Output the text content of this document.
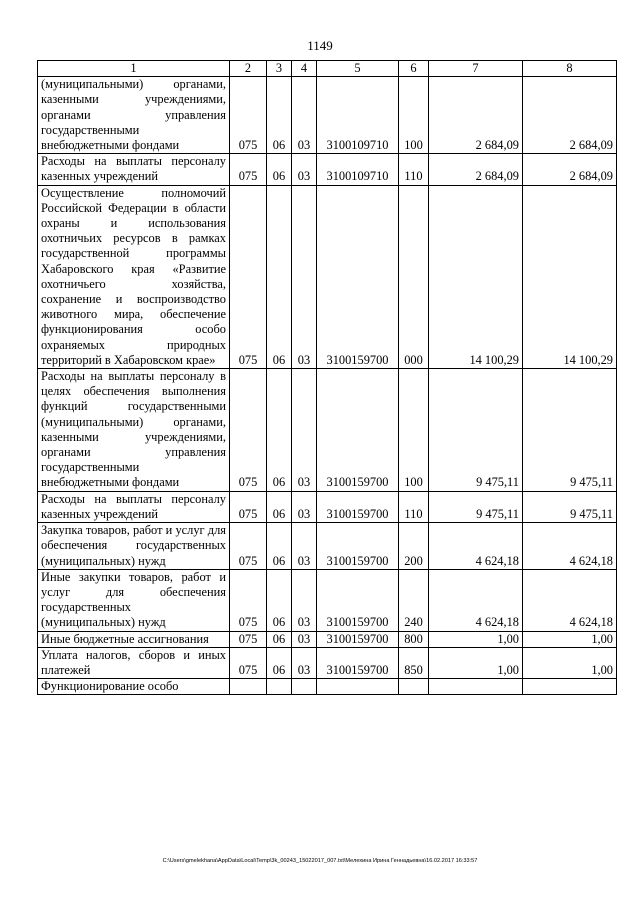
1149
1	2	3	4	5	6	7	8
(муниципальными) органами, казенными учреждениями, органами управления государственными внебюджетными фондами	075	06	03	3100109710	100	2 684,09	2 684,09
Расходы на выплаты персоналу казенных учреждений	075	06	03	3100109710	110	2 684,09	2 684,09
Осуществление полномочий Российской Федерации в области охраны и использования охотничьих ресурсов в рамках государственной программы Хабаровского края «Развитие охотничьего хозяйства, сохранение и воспроизводство животного мира, обеспечение функционирования особо охраняемых природных территорий в Хабаровском крае»	075	06	03	3100159700	000	14 100,29	14 100,29
Расходы на выплаты персоналу в целях обеспечения выполнения функций государственными (муниципальными) органами, казенными учреждениями, органами управления государственными внебюджетными фондами	075	06	03	3100159700	100	9 475,11	9 475,11
Расходы на выплаты персоналу казенных учреждений	075	06	03	3100159700	110	9 475,11	9 475,11
Закупка товаров, работ и услуг для обеспечения государственных (муниципальных) нужд	075	06	03	3100159700	200	4 624,18	4 624,18
Иные закупки товаров, работ и услуг для обеспечения государственных (муниципальных) нужд	075	06	03	3100159700	240	4 624,18	4 624,18
Иные бюджетные ассигнования	075	06	03	3100159700	800	1,00	1,00
Уплата налогов, сборов и иных платежей	075	06	03	3100159700	850	1,00	1,00
Функционирование особо							
C:\Users\gmelekhana\AppData\Local\Temp\3k_00243_15022017_007.txt\Мелехина Ирина Геннадьевна\16.02.2017 16:33:57
